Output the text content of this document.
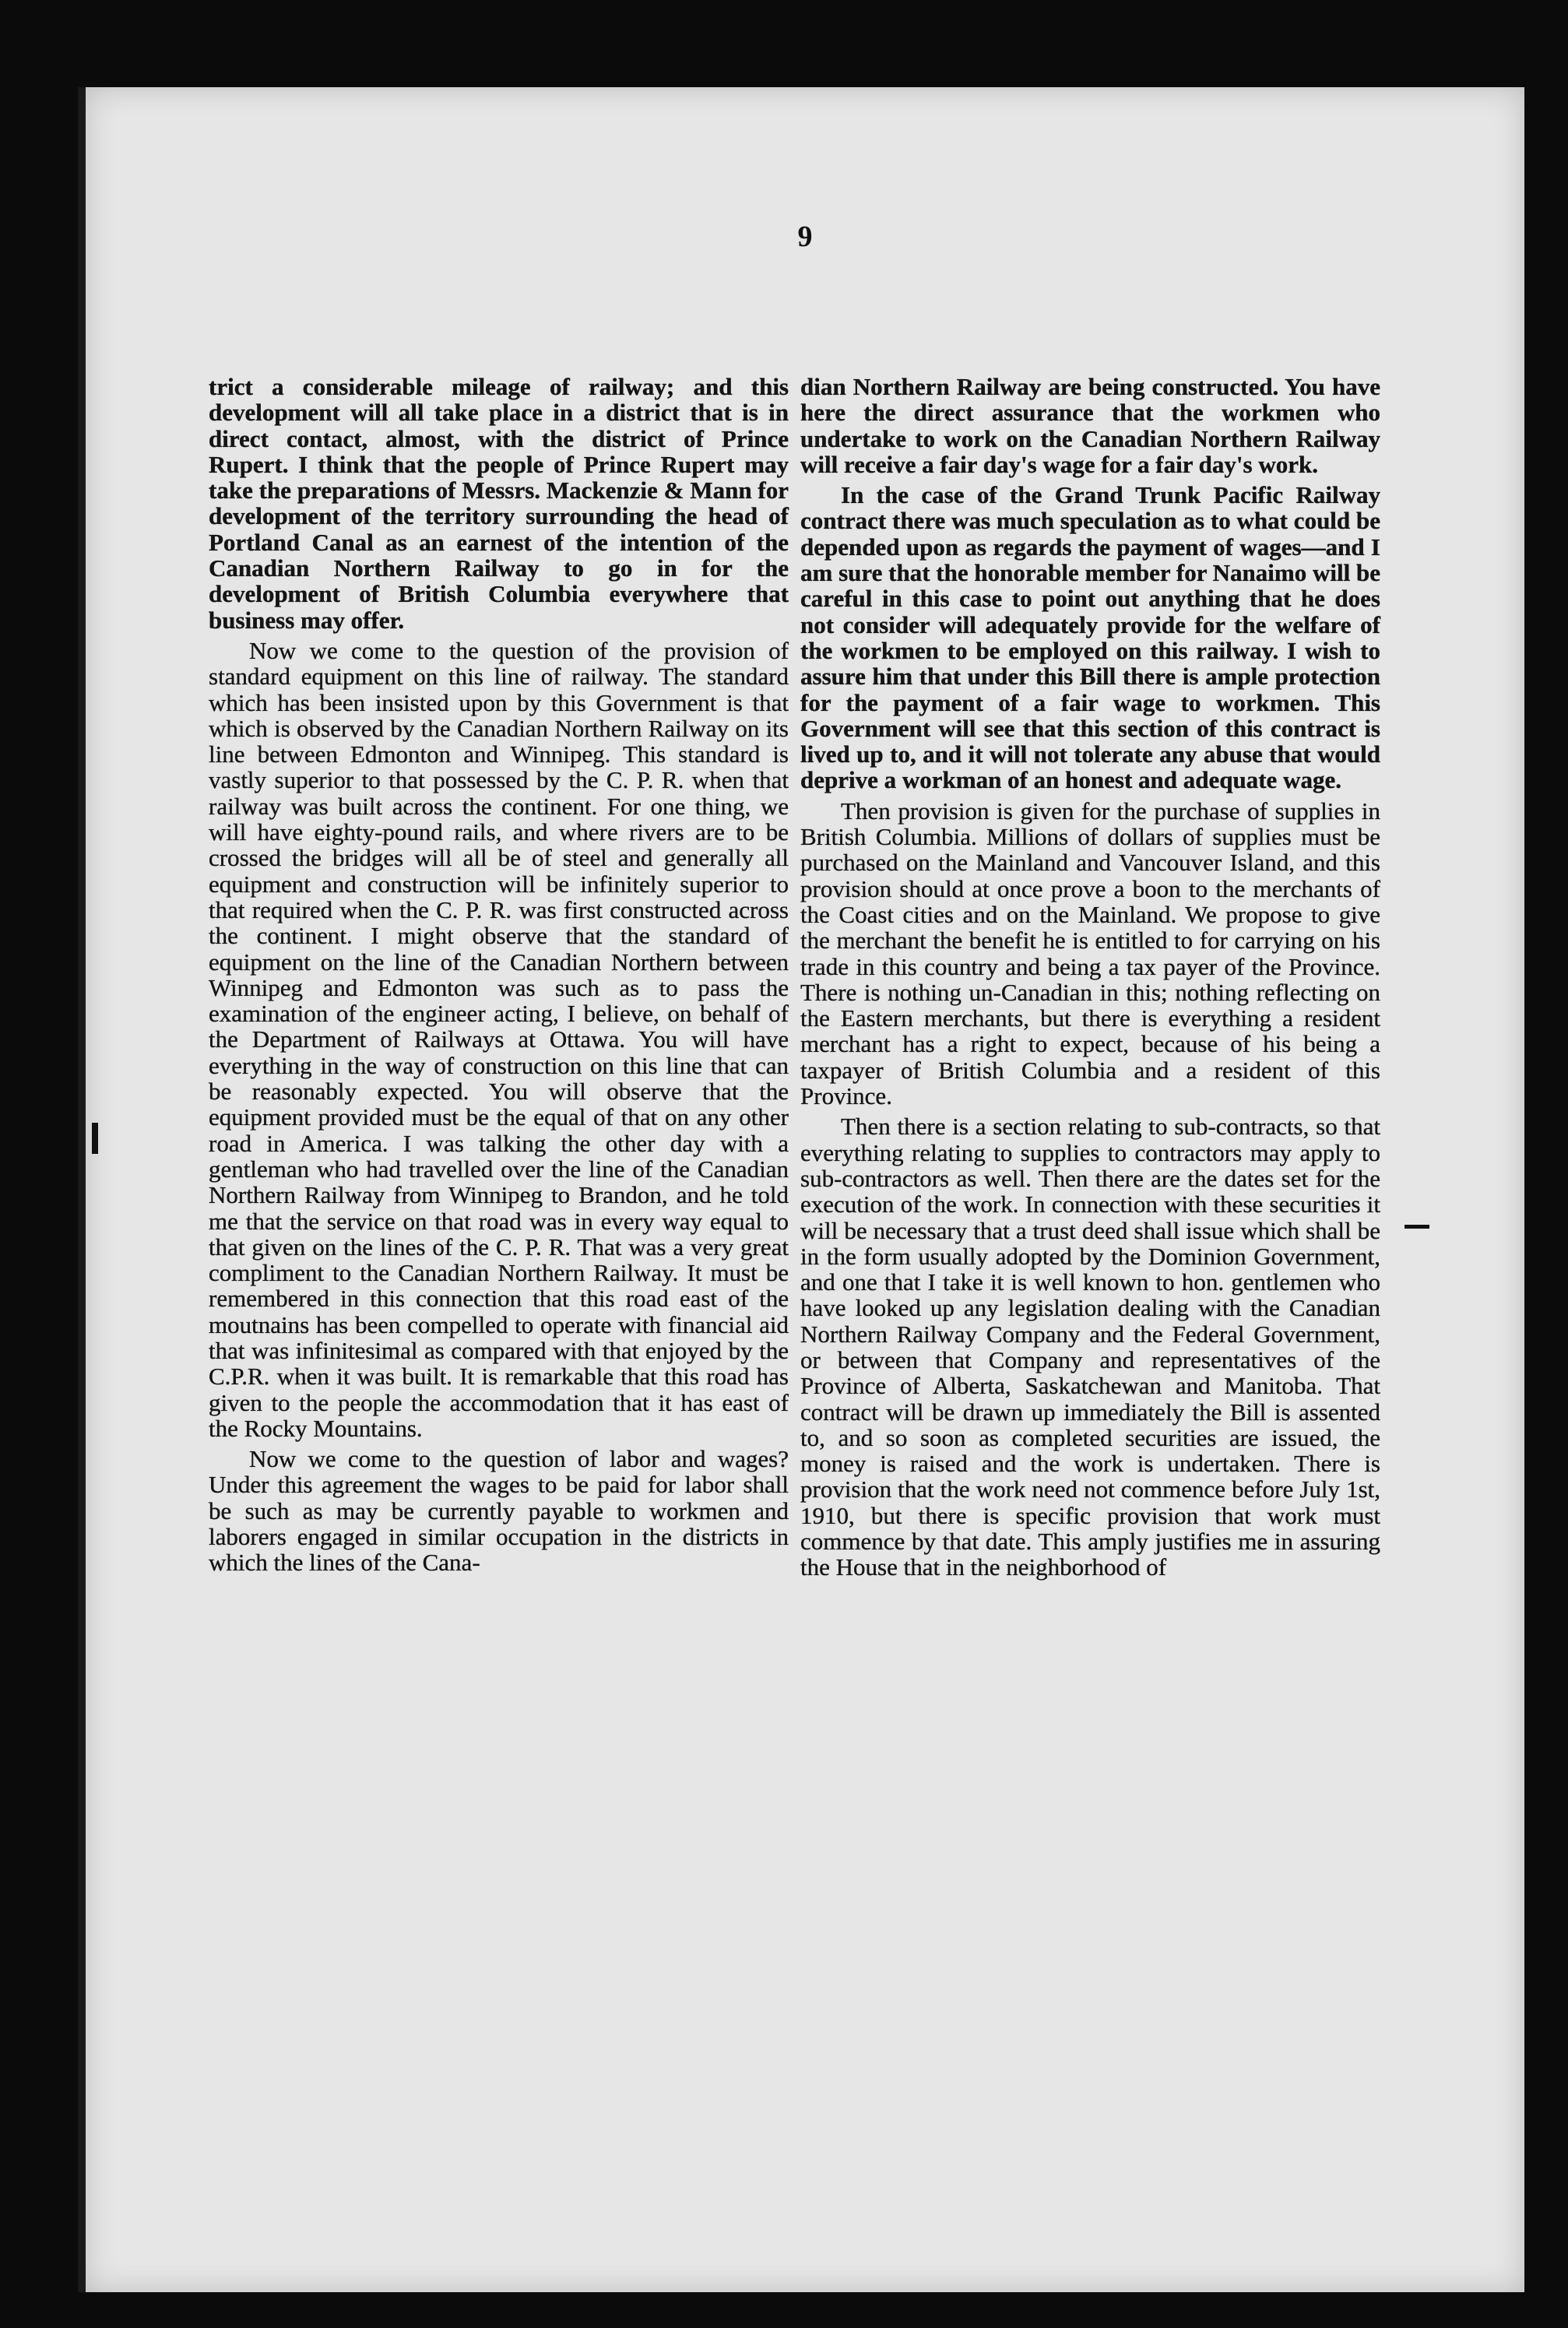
9

trict a considerable mileage of railway; and this development will all take place in a district that is in direct contact, almost, with the district of Prince Rupert. I think that the people of Prince Rupert may take the preparations of Messrs. Mackenzie & Mann for development of the territory surrounding the head of Portland Canal as an earnest of the intention of the Canadian Northern Railway to go in for the development of British Columbia everywhere that business may offer.

Now we come to the question of the provision of standard equipment on this line of railway. The standard which has been insisted upon by this Government is that which is observed by the Canadian Northern Railway on its line between Edmonton and Winnipeg. This standard is vastly superior to that possessed by the C. P. R. when that railway was built across the continent. For one thing, we will have eighty-pound rails, and where rivers are to be crossed the bridges will all be of steel and generally all equipment and construction will be infinitely superior to that required when the C. P. R. was first constructed across the continent. I might observe that the standard of equipment on the line of the Canadian Northern between Winnipeg and Edmonton was such as to pass the examination of the engineer acting, I believe, on behalf of the Department of Railways at Ottawa. You will have everything in the way of construction on this line that can be reasonably expected. You will observe that the equipment provided must be the equal of that on any other road in America. I was talking the other day with a gentleman who had travelled over the line of the Canadian Northern Railway from Winnipeg to Brandon, and he told me that the service on that road was in every way equal to that given on the lines of the C. P. R. That was a very great compliment to the Canadian Northern Railway. It must be remembered in this connection that this road east of the moutnains has been compelled to operate with financial aid that was infinitesimal as compared with that enjoyed by the C.P.R. when it was built. It is remarkable that this road has given to the people the accommodation that it has east of the Rocky Mountains.

Now we come to the question of labor and wages? Under this agreement the wages to be paid for labor shall be such as may be currently payable to workmen and laborers engaged in similar occupation in the districts in which the lines of the Cana-

dian Northern Railway are being constructed. You have here the direct assurance that the workmen who undertake to work on the Canadian Northern Railway will receive a fair day's wage for a fair day's work.

In the case of the Grand Trunk Pacific Railway contract there was much speculation as to what could be depended upon as regards the payment of wages—and I am sure that the honorable member for Nanaimo will be careful in this case to point out anything that he does not consider will adequately provide for the welfare of the workmen to be employed on this railway. I wish to assure him that under this Bill there is ample protection for the payment of a fair wage to workmen. This Government will see that this section of this contract is lived up to, and it will not tolerate any abuse that would deprive a workman of an honest and adequate wage.

Then provision is given for the purchase of supplies in British Columbia. Millions of dollars of supplies must be purchased on the Mainland and Vancouver Island, and this provision should at once prove a boon to the merchants of the Coast cities and on the Mainland. We propose to give the merchant the benefit he is entitled to for carrying on his trade in this country and being a tax payer of the Province. There is nothing un-Canadian in this; nothing reflecting on the Eastern merchants, but there is everything a resident merchant has a right to expect, because of his being a taxpayer of British Columbia and a resident of this Province.

Then there is a section relating to sub-contracts, so that everything relating to supplies to contractors may apply to sub-contractors as well. Then there are the dates set for the execution of the work. In connection with these securities it will be necessary that a trust deed shall issue which shall be in the form usually adopted by the Dominion Government, and one that I take it is well known to hon. gentlemen who have looked up any legislation dealing with the Canadian Northern Railway Company and the Federal Government, or between that Company and representatives of the Province of Alberta, Saskatchewan and Manitoba. That contract will be drawn up immediately the Bill is assented to, and so soon as completed securities are issued, the money is raised and the work is undertaken. There is provision that the work need not commence before July 1st, 1910, but there is specific provision that work must commence by that date. This amply justifies me in assuring the House that in the neighborhood of
